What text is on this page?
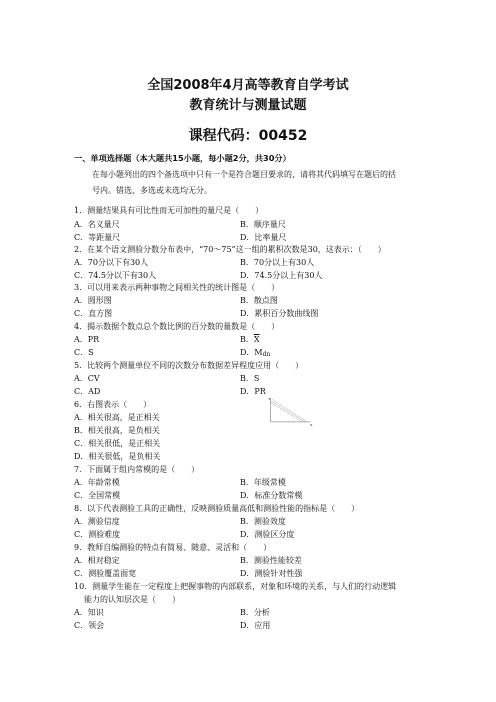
全国2008年4月高等教育自学考试
教育统计与测量试题
课程代码：00452
一、单项选择题（本大题共15小题，每小题2分，共30分）
在每小题列出的四个备选项中只有一个是符合题目要求的，请将其代码填写在题后的括
号内。错选、多选或未选均无分。
1．测量结果具有可比性而无可加性的量尺是（　　）
A．名义量尺	B．顺序量尺
C．等距量尺	D．比率量尺
2．在某个语文测验分数分布表中，“70～75”这一组的累积次数是30，这表示：（　　）
A．70分以下有30人	B．70分以上有30人
C．74.5分以下有30人	D．74.5分以上有30人
3．可以用来表示两种事物之间相关性的统计图是（　　）
A．圆形图	B．散点图
C．直方图	D．累积百分数曲线图
4．揭示数据个数点总个数比例的百分数的量数是（　　）
A．PR	B．$\overline{X}$
C．S	D．Mdn
5．比较两个测量单位不同的次数分布数据差异程度应用（　　）
A．CV	B．S
C．AD	D．PR
6．右图表示（　　）
A．相关很高，是正相关
B．相关很高，是负相关
C．相关很低，是正相关
D．相关很低，是负相关
Y
X
7．下面属于组内常模的是（　　）
A．年龄常模	B．年级常模
C．全国常模	D．标准分数常模
8．以下代表测验工具的正确性，反映测验质量高低和测验性能的指标是（　　）
A．测验信度	B．测验效度
C．测验难度	D．测验区分度
9．教师自编测验的特点有简易、随意、灵活和（　　）
A．相对稳定	B．测验性能较差
C．测验覆盖面宽	D．测验针对性强
10．测量学生能在一定程度上把握事物的内部联系，对象和环境的关系，与人们的行动逻辑
能力的认知层次是（　　）
A．知识	B．分析
C．领会	D．应用
